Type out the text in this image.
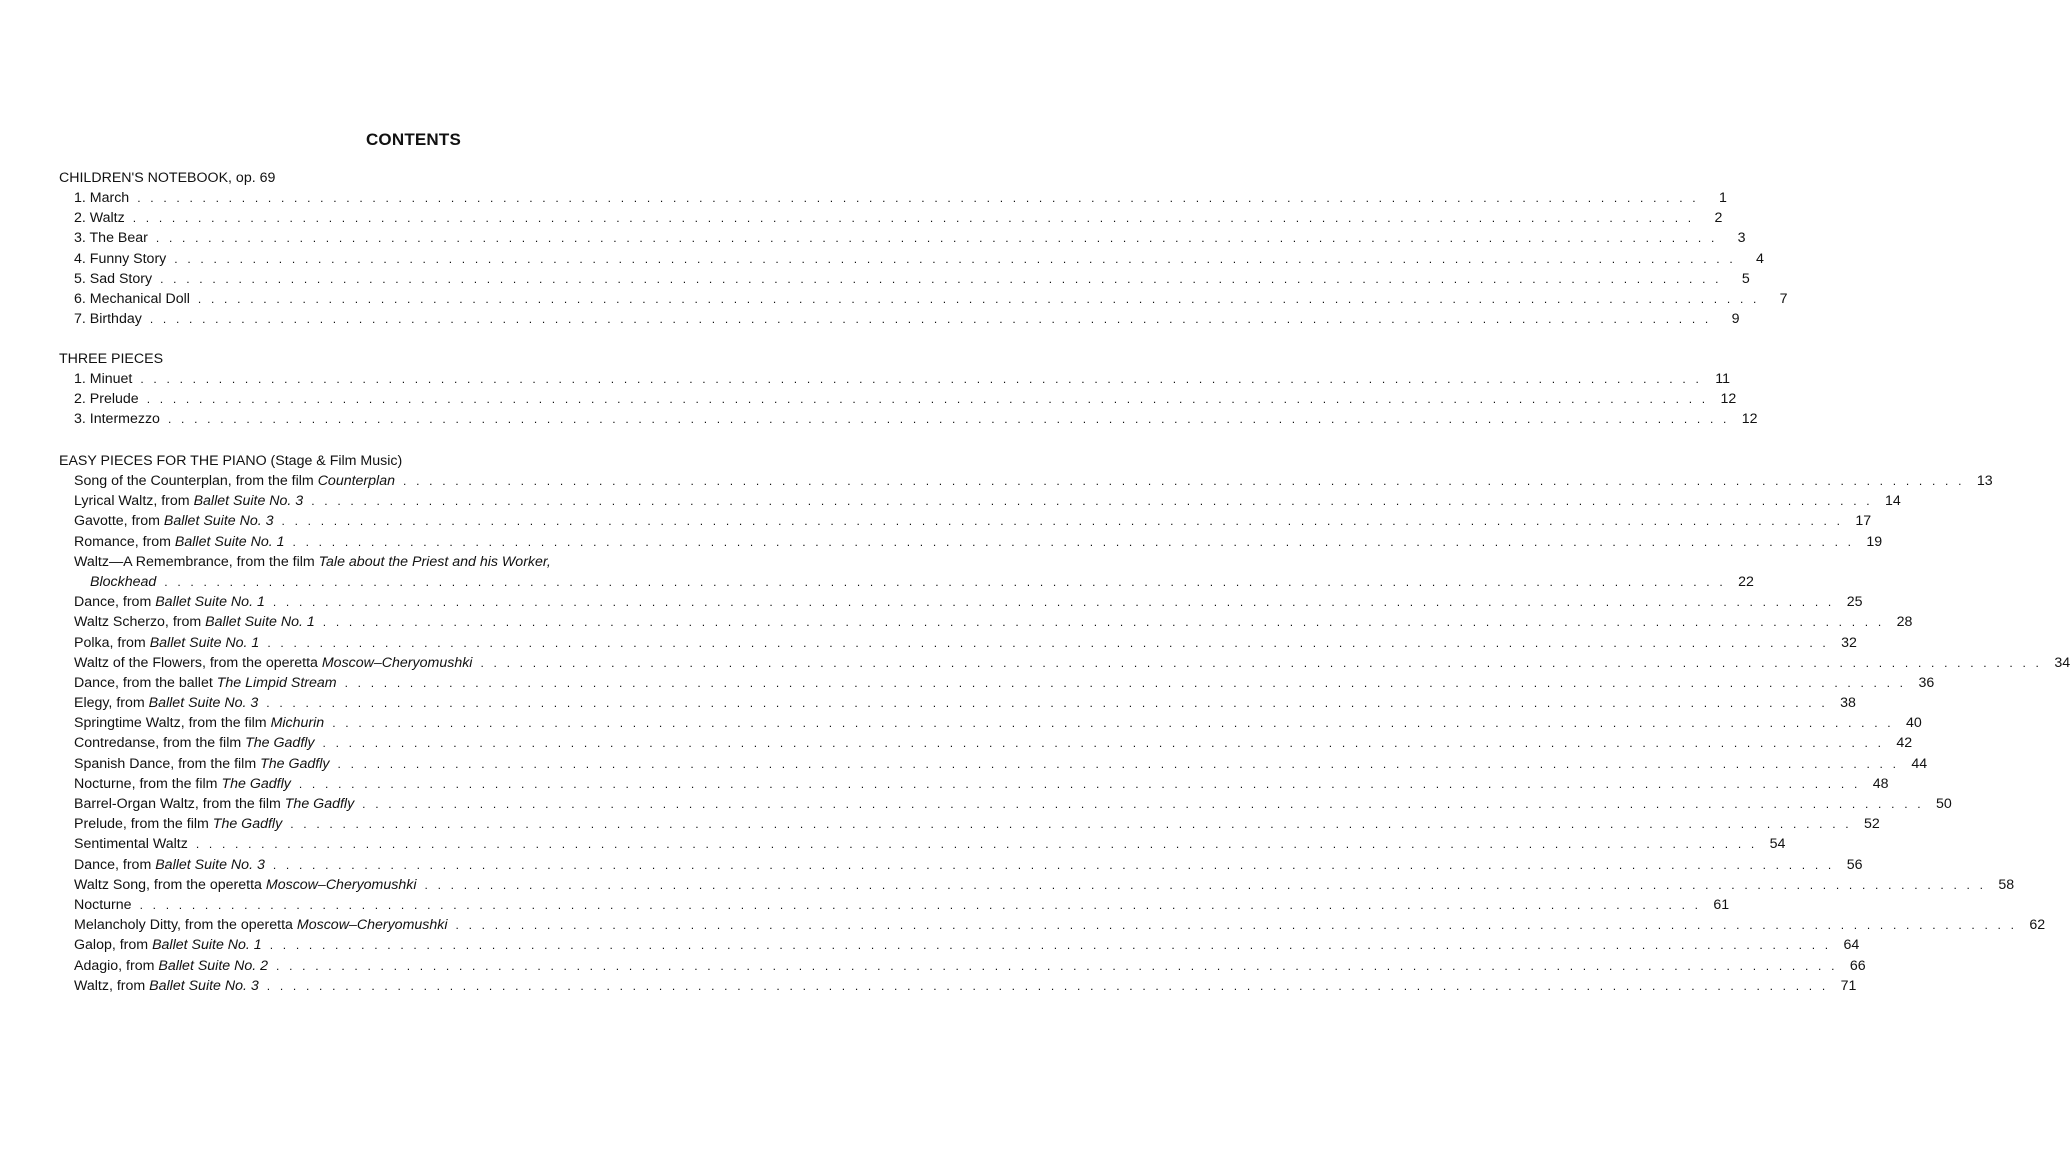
CONTENTS
CHILDREN'S NOTEBOOK, op. 69
1. March . . . . . . . . . . . . . . . . . . . . . . . . . . . . . . . . . . . . . . . . . . . . . . . . . . . . . . . . . . . . . . . . . . . . . . . . . . . . . . . . . . . . . . . . . . . . . . . . . . . . . . . . . . . . . . . . . . . . . . . .	1
2. Waltz . . . . . . . . . . . . . . . . . . . . . . . . . . . . . . . . . . . . . . . . . . . . . . . . . . . . . . . . . . . . . . . . . . . . . . . . . . . . . . . . . . . . . . . . . . . . . . . . . . . . . . . . . . . . . . . . . . . . . . . .	2
3. The Bear . . . . . . . . . . . . . . . . . . . . . . . . . . . . . . . . . . . . . . . . . . . . . . . . . . . . . . . . . . . . . . . . . . . . . . . . . . . . . . . . . . . . . . . . . . . . . . . . . . . . . . . . . . . . . . . . . . . . . . . .	3
4. Funny Story . . . . . . . . . . . . . . . . . . . . . . . . . . . . . . . . . . . . . . . . . . . . . . . . . . . . . . . . . . . . . . . . . . . . . . . . . . . . . . . . . . . . . . . . . . . . . . . . . . . . . . . . . . . . . . . . . . . . . . . .	4
5. Sad Story . . . . . . . . . . . . . . . . . . . . . . . . . . . . . . . . . . . . . . . . . . . . . . . . . . . . . . . . . . . . . . . . . . . . . . . . . . . . . . . . . . . . . . . . . . . . . . . . . . . . . . . . . . . . . . . . . . . . . . . .	5
6. Mechanical Doll . . . . . . . . . . . . . . . . . . . . . . . . . . . . . . . . . . . . . . . . . . . . . . . . . . . . . . . . . . . . . . . . . . . . . . . . . . . . . . . . . . . . . . . . . . . . . . . . . . . . . . . . . . . . . . . . . . . . . . . .	7
7. Birthday . . . . . . . . . . . . . . . . . . . . . . . . . . . . . . . . . . . . . . . . . . . . . . . . . . . . . . . . . . . . . . . . . . . . . . . . . . . . . . . . . . . . . . . . . . . . . . . . . . . . . . . . . . . . . . . . . . . . . . . .	9
THREE PIECES
1. Minuet . . . . . . . . . . . . . . . . . . . . . . . . . . . . . . . . . . . . . . . . . . . . . . . . . . . . . . . . . . . . . . . . . . . . . . . . . . . . . . . . . . . . . . . . . . . . . . . . . . . . . . . . . . . . . . . . . . . . . . . . 11
2. Prelude . . . . . . . . . . . . . . . . . . . . . . . . . . . . . . . . . . . . . . . . . . . . . . . . . . . . . . . . . . . . . . . . . . . . . . . . . . . . . . . . . . . . . . . . . . . . . . . . . . . . . . . . . . . . . . . . . . . . . . . . 12
3. Intermezzo . . . . . . . . . . . . . . . . . . . . . . . . . . . . . . . . . . . . . . . . . . . . . . . . . . . . . . . . . . . . . . . . . . . . . . . . . . . . . . . . . . . . . . . . . . . . . . . . . . . . . . . . . . . . . . . . . . . . . . . . 12
EASY PIECES FOR THE PIANO (Stage & Film Music)
Song of the Counterplan, from the film Counterplan . . . . . . . . . . . . . . . . . . . . . . . . . . . . . . . . . . . . . . . . . . . . . . . . . . . . . . . . . . . . . . . . . . . . . . . . . . . . . . . . . . . . . . . . . . . . . . . . . . . . . . . . . . . . . . . . . . . . . . . . 13
Lyrical Waltz, from Ballet Suite No. 3 . . . . . . . . . . . . . . . . . . . . . . . . . . . . . . . . . . . . . . . . . . . . . . . . . . . . . . . . . . . . . . . . . . . . . . . . . . . . . . . . . . . . . . . . . . . . . . . . . . . . . . . . . . . . . . . . . . . . . . . . 14
Gavotte, from Ballet Suite No. 3 . . . . . . . . . . . . . . . . . . . . . . . . . . . . . . . . . . . . . . . . . . . . . . . . . . . . . . . . . . . . . . . . . . . . . . . . . . . . . . . . . . . . . . . . . . . . . . . . . . . . . . . . . . . . . . . . . . . . . . . . 17
Romance, from Ballet Suite No. 1 . . . . . . . . . . . . . . . . . . . . . . . . . . . . . . . . . . . . . . . . . . . . . . . . . . . . . . . . . . . . . . . . . . . . . . . . . . . . . . . . . . . . . . . . . . . . . . . . . . . . . . . . . . . . . . . . . . . . . . . . 19
Waltz—A Remembrance, from the film Tale about the Priest and his Worker,
Blockhead . . . . . . . . . . . . . . . . . . . . . . . . . . . . . . . . . . . . . . . . . . . . . . . . . . . . . . . . . . . . . . . . . . . . . . . . . . . . . . . . . . . . . . . . . . . . . . . . . . . . . . . . . . . . . . . . . . . . . . . . 22
Dance, from Ballet Suite No. 1 . . . . . . . . . . . . . . . . . . . . . . . . . . . . . . . . . . . . . . . . . . . . . . . . . . . . . . . . . . . . . . . . . . . . . . . . . . . . . . . . . . . . . . . . . . . . . . . . . . . . . . . . . . . . . . . . . . . . . . . . 25
Waltz Scherzo, from Ballet Suite No. 1 . . . . . . . . . . . . . . . . . . . . . . . . . . . . . . . . . . . . . . . . . . . . . . . . . . . . . . . . . . . . . . . . . . . . . . . . . . . . . . . . . . . . . . . . . . . . . . . . . . . . . . . . . . . . . . . . . . . . . . . . 28
Polka, from Ballet Suite No. 1 . . . . . . . . . . . . . . . . . . . . . . . . . . . . . . . . . . . . . . . . . . . . . . . . . . . . . . . . . . . . . . . . . . . . . . . . . . . . . . . . . . . . . . . . . . . . . . . . . . . . . . . . . . . . . . . . . . . . . . . . 32
Waltz of the Flowers, from the operetta Moscow–Cheryomushki . . . . . . . . . . . . . . . . . . . . . . . . . . . . . . . . . . . . . . . . . . . . . . . . . . . . . . . . . . . . . . . . . . . . . . . . . . . . . . . . . . . . . . . . . . . . . . . . . . . . . . . . . . . . . . . . . . . . . . . . 34
Dance, from the ballet The Limpid Stream . . . . . . . . . . . . . . . . . . . . . . . . . . . . . . . . . . . . . . . . . . . . . . . . . . . . . . . . . . . . . . . . . . . . . . . . . . . . . . . . . . . . . . . . . . . . . . . . . . . . . . . . . . . . . . . . . . . . . . . . 36
Elegy, from Ballet Suite No. 3 . . . . . . . . . . . . . . . . . . . . . . . . . . . . . . . . . . . . . . . . . . . . . . . . . . . . . . . . . . . . . . . . . . . . . . . . . . . . . . . . . . . . . . . . . . . . . . . . . . . . . . . . . . . . . . . . . . . . . . . . 38
Springtime Waltz, from the film Michurin . . . . . . . . . . . . . . . . . . . . . . . . . . . . . . . . . . . . . . . . . . . . . . . . . . . . . . . . . . . . . . . . . . . . . . . . . . . . . . . . . . . . . . . . . . . . . . . . . . . . . . . . . . . . . . . . . . . . . . . . 40
Contredanse, from the film The Gadfly . . . . . . . . . . . . . . . . . . . . . . . . . . . . . . . . . . . . . . . . . . . . . . . . . . . . . . . . . . . . . . . . . . . . . . . . . . . . . . . . . . . . . . . . . . . . . . . . . . . . . . . . . . . . . . . . . . . . . . . . 42
Spanish Dance, from the film The Gadfly . . . . . . . . . . . . . . . . . . . . . . . . . . . . . . . . . . . . . . . . . . . . . . . . . . . . . . . . . . . . . . . . . . . . . . . . . . . . . . . . . . . . . . . . . . . . . . . . . . . . . . . . . . . . . . . . . . . . . . . . 44
Nocturne, from the film The Gadfly . . . . . . . . . . . . . . . . . . . . . . . . . . . . . . . . . . . . . . . . . . . . . . . . . . . . . . . . . . . . . . . . . . . . . . . . . . . . . . . . . . . . . . . . . . . . . . . . . . . . . . . . . . . . . . . . . . . . . . . . 48
Barrel-Organ Waltz, from the film The Gadfly . . . . . . . . . . . . . . . . . . . . . . . . . . . . . . . . . . . . . . . . . . . . . . . . . . . . . . . . . . . . . . . . . . . . . . . . . . . . . . . . . . . . . . . . . . . . . . . . . . . . . . . . . . . . . . . . . . . . . . . . 50
Prelude, from the film The Gadfly . . . . . . . . . . . . . . . . . . . . . . . . . . . . . . . . . . . . . . . . . . . . . . . . . . . . . . . . . . . . . . . . . . . . . . . . . . . . . . . . . . . . . . . . . . . . . . . . . . . . . . . . . . . . . . . . . . . . . . . . 52
Sentimental Waltz . . . . . . . . . . . . . . . . . . . . . . . . . . . . . . . . . . . . . . . . . . . . . . . . . . . . . . . . . . . . . . . . . . . . . . . . . . . . . . . . . . . . . . . . . . . . . . . . . . . . . . . . . . . . . . . . . . . . . . . . 54
Dance, from Ballet Suite No. 3 . . . . . . . . . . . . . . . . . . . . . . . . . . . . . . . . . . . . . . . . . . . . . . . . . . . . . . . . . . . . . . . . . . . . . . . . . . . . . . . . . . . . . . . . . . . . . . . . . . . . . . . . . . . . . . . . . . . . . . . . 56
Waltz Song, from the operetta Moscow–Cheryomushki . . . . . . . . . . . . . . . . . . . . . . . . . . . . . . . . . . . . . . . . . . . . . . . . . . . . . . . . . . . . . . . . . . . . . . . . . . . . . . . . . . . . . . . . . . . . . . . . . . . . . . . . . . . . . . . . . . . . . . . . 58
Nocturne . . . . . . . . . . . . . . . . . . . . . . . . . . . . . . . . . . . . . . . . . . . . . . . . . . . . . . . . . . . . . . . . . . . . . . . . . . . . . . . . . . . . . . . . . . . . . . . . . . . . . . . . . . . . . . . . . . . . . . . . 61
Melancholy Ditty, from the operetta Moscow–Cheryomushki . . . . . . . . . . . . . . . . . . . . . . . . . . . . . . . . . . . . . . . . . . . . . . . . . . . . . . . . . . . . . . . . . . . . . . . . . . . . . . . . . . . . . . . . . . . . . . . . . . . . . . . . . . . . . . . . . . . . . . . . 62
Galop, from Ballet Suite No. 1 . . . . . . . . . . . . . . . . . . . . . . . . . . . . . . . . . . . . . . . . . . . . . . . . . . . . . . . . . . . . . . . . . . . . . . . . . . . . . . . . . . . . . . . . . . . . . . . . . . . . . . . . . . . . . . . . . . . . . . . . 64
Adagio, from Ballet Suite No. 2 . . . . . . . . . . . . . . . . . . . . . . . . . . . . . . . . . . . . . . . . . . . . . . . . . . . . . . . . . . . . . . . . . . . . . . . . . . . . . . . . . . . . . . . . . . . . . . . . . . . . . . . . . . . . . . . . . . . . . . . . 66
Waltz, from Ballet Suite No. 3 . . . . . . . . . . . . . . . . . . . . . . . . . . . . . . . . . . . . . . . . . . . . . . . . . . . . . . . . . . . . . . . . . . . . . . . . . . . . . . . . . . . . . . . . . . . . . . . . . . . . . . . . . . . . . . . . . . . . . . . . 71
